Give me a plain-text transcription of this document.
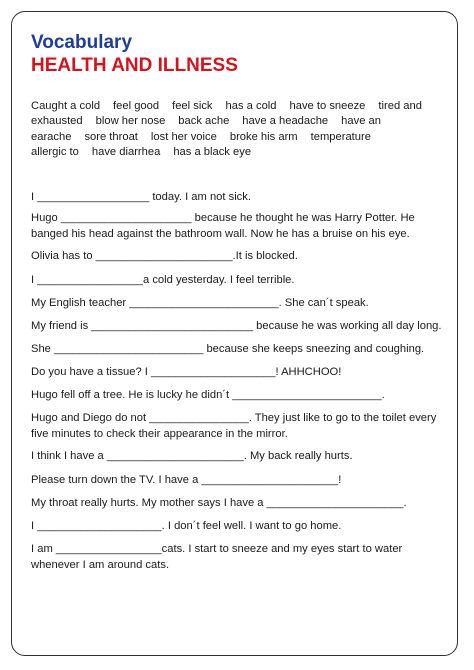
Vocabulary
HEALTH AND ILLNESS
Caught a cold feel good feel sick has a cold have to sneeze tired and
exhausted blow her nose back ache have a headache have an
earache sore throat lost her voice broke his arm temperature
allergic to have diarrhea has a black eye
I __________________ today. I am not sick.
Hugo _____________________ because he thought he was Harry Potter. He
banged his head against the bathroom wall. Now he has a bruise on his eye.
Olivia has to ______________________.It is blocked.
I _________________a cold yesterday. I feel terrible.
My English teacher ________________________. She can´t speak.
My friend is __________________________ because he was working all day long.
She ________________________ because she keeps sneezing and coughing.
Do you have a tissue? I ____________________! AHHCHOO!
Hugo fell off a tree. He is lucky he didn´t ________________________.
Hugo and Diego do not ________________. They just like to go to the toilet every
five minutes to check their appearance in the mirror.
I think I have a ______________________. My back really hurts.
Please turn down the TV. I have a ______________________!
My throat really hurts. My mother says I have a ______________________.
I ____________________. I don´t feel well. I want to go home.
I am _________________cats. I start to sneeze and my eyes start to water
whenever I am around cats.
